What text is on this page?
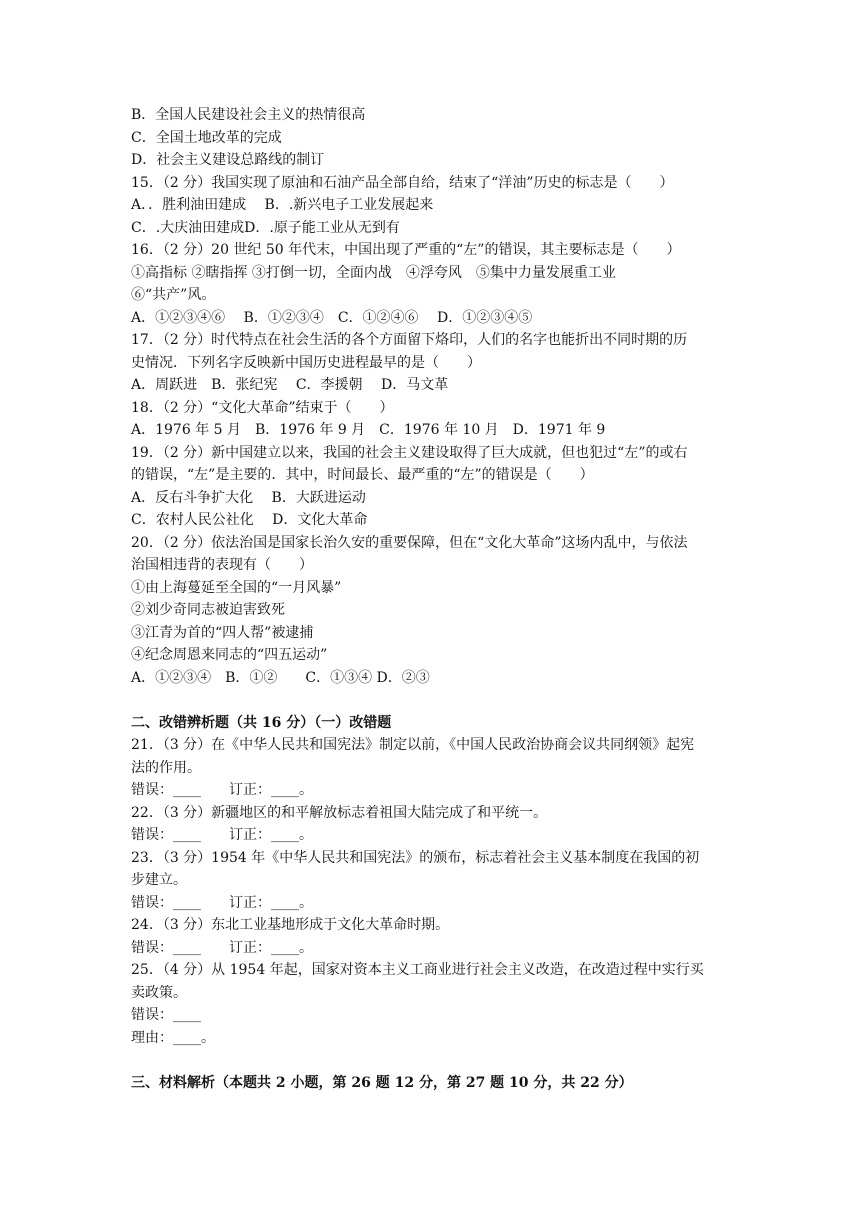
B．全国人民建设社会主义的热情很高
C．全国土地改革的完成
D．社会主义建设总路线的制订
15．（2 分）我国实现了原油和石油产品全部自给，结束了“洋油”历史的标志是（　　）
A．．胜利油田建成　 B．.新兴电子工业发展起来
C．.大庆油田建成D．.原子能工业从无到有
16．（2 分）20 世纪 50 年代末，中国出现了严重的“左”的错误，其主要标志是（　　）
①高指标 ②瞎指挥 ③打倒一切，全面内战　④浮夸风　⑤集中力量发展重工业
⑥“共产”风。
A．①②③④⑥　 B．①②③④　C．①②④⑥　 D．①②③④⑤
17．（2 分）时代特点在社会生活的各个方面留下烙印，人们的名字也能折出不同时期的历
史情况．下列名字反映新中国历史进程最早的是（　　）
A．周跃进　B．张纪宪　 C．李援朝　 D．马文革
18．（2 分）“文化大革命”结束于（　　）
A．1976 年 5 月　B．1976 年 9 月　C．1976 年 10 月　D．1971 年 9
19．（2 分）新中国建立以来，我国的社会主义建设取得了巨大成就，但也犯过“左”的或右
的错误，“左”是主要的．其中，时间最长、最严重的“左”的错误是（　　）
A．反右斗争扩大化　 B．大跃进运动
C．农村人民公社化　 D．文化大革命
20．（2 分）依法治国是国家长治久安的重要保障，但在“文化大革命”这场内乱中，与依法
治国相违背的表现有（　　）
①由上海蔓延至全国的“一月风暴”
②刘少奇同志被迫害致死
③江青为首的“四人帮”被逮捕
④纪念周恩来同志的“四五运动”
A．①②③④　B．①②　　C．①③④ D．②③
二、改错辨析题（共 16 分）（一）改错题
21．（3 分）在《中华人民共和国宪法》制定以前，《中国人民政治协商会议共同纲领》起宪
法的作用。
错误：____　　订正：____。
22．（3 分）新疆地区的和平解放标志着祖国大陆完成了和平统一。
错误：____　　订正：____。
23．（3 分）1954 年《中华人民共和国宪法》的颁布，标志着社会主义基本制度在我国的初
步建立。
错误：____　　订正：____。
24．（3 分）东北工业基地形成于文化大革命时期。
错误：____　　订正：____。
25．（4 分）从 1954 年起，国家对资本主义工商业进行社会主义改造，在改造过程中实行买
卖政策。
错误：____
理由：____。
三、材料解析（本题共 2 小题，第 26 题 12 分，第 27 题 10 分，共 22 分）
